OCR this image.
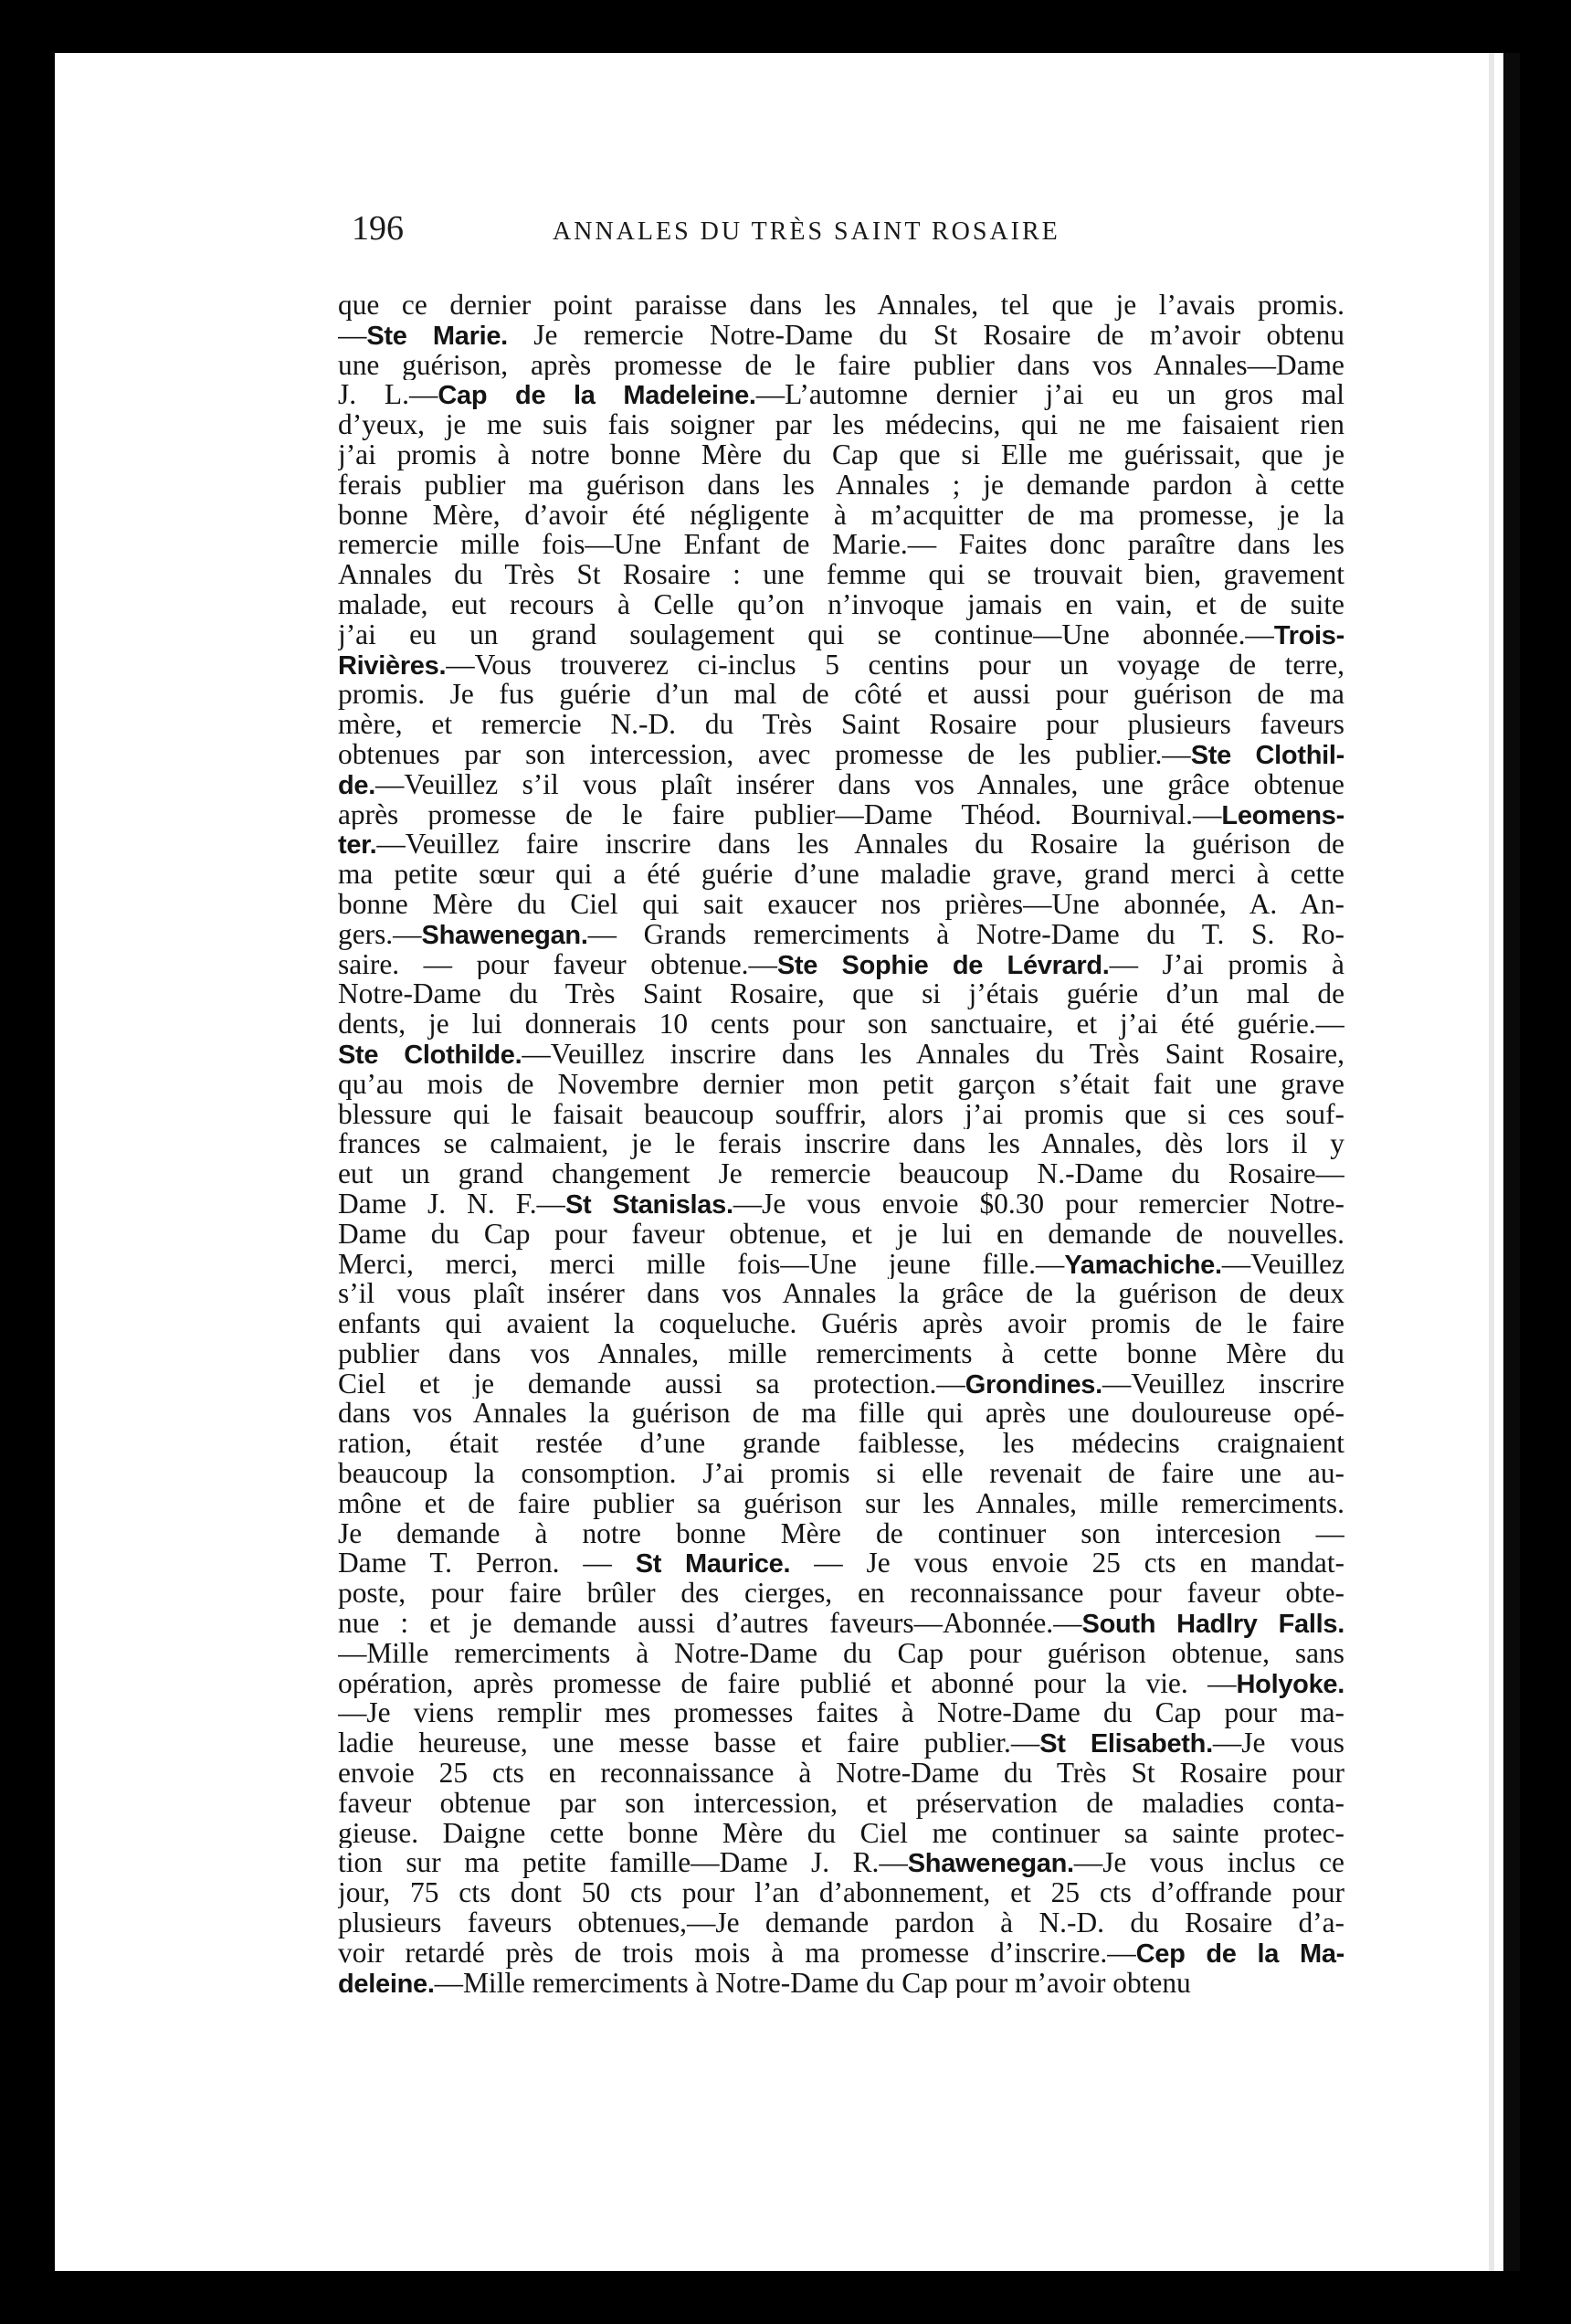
196	ANNALES DU TRÈS SAINT ROSAIRE
que ce dernier point paraisse dans les Annales, tel que je l’avais promis.
—Ste Marie. Je remercie Notre-Dame du St Rosaire de m’avoir obtenu
une guérison, après promesse de le faire publier dans vos Annales—Dame
J. L.—Cap de la Madeleine.—L’automne dernier j’ai eu un gros mal
d’yeux, je me suis fais soigner par les médecins, qui ne me faisaient rien
j’ai promis à notre bonne Mère du Cap que si Elle me guérissait, que je
ferais publier ma guérison dans les Annales ; je demande pardon à cette
bonne Mère, d’avoir été négligente à m’acquitter de ma promesse, je la
remercie mille fois—Une Enfant de Marie.— Faites donc paraître dans les
Annales du Très St Rosaire : une femme qui se trouvait bien, gravement
malade, eut recours à Celle qu’on n’invoque jamais en vain, et de suite
j’ai eu un grand soulagement qui se continue—Une abonnée.—Trois-
Rivières.—Vous trouverez ci-inclus 5 centins pour un voyage de terre,
promis. Je fus guérie d’un mal de côté et aussi pour guérison de ma
mère, et remercie N.-D. du Très Saint Rosaire pour plusieurs faveurs
obtenues par son intercession, avec promesse de les publier.—Ste Clothil-
de.—Veuillez s’il vous plaît insérer dans vos Annales, une grâce obtenue
après promesse de le faire publier—Dame Théod. Bournival.—Leomens-
ter.—Veuillez faire inscrire dans les Annales du Rosaire la guérison de
ma petite sœur qui a été guérie d’une maladie grave, grand merci à cette
bonne Mère du Ciel qui sait exaucer nos prières—Une abonnée, A. An-
gers.—Shawenegan.— Grands remerciments à Notre-Dame du T. S. Ro-
saire. — pour faveur obtenue.—Ste Sophie de Lévrard.— J’ai promis à
Notre-Dame du Très Saint Rosaire, que si j’étais guérie d’un mal de
dents, je lui donnerais 10 cents pour son sanctuaire, et j’ai été guérie.—
Ste Clothilde.—Veuillez inscrire dans les Annales du Très Saint Rosaire,
qu’au mois de Novembre dernier mon petit garçon s’était fait une grave
blessure qui le faisait beaucoup souffrir, alors j’ai promis que si ces souf-
frances se calmaient, je le ferais inscrire dans les Annales, dès lors il y
eut un grand changement Je remercie beaucoup N.-Dame du Rosaire—
Dame J. N. F.—St Stanislas.—Je vous envoie $0.30 pour remercier Notre-
Dame du Cap pour faveur obtenue, et je lui en demande de nouvelles.
Merci, merci, merci mille fois—Une jeune fille.—Yamachiche.—Veuillez
s’il vous plaît insérer dans vos Annales la grâce de la guérison de deux
enfants qui avaient la coqueluche. Guéris après avoir promis de le faire
publier dans vos Annales, mille remerciments à cette bonne Mère du
Ciel et je demande aussi sa protection.—Grondines.—Veuillez inscrire
dans vos Annales la guérison de ma fille qui après une douloureuse opé-
ration, était restée d’une grande faiblesse, les médecins craignaient
beaucoup la consomption. J’ai promis si elle revenait de faire une au-
mône et de faire publier sa guérison sur les Annales, mille remerciments.
Je demande à notre bonne Mère de continuer son intercesion —
Dame T. Perron. — St Maurice. — Je vous envoie 25 cts en mandat-
poste, pour faire brûler des cierges, en reconnaissance pour faveur obte-
nue : et je demande aussi d’autres faveurs—Abonnée.—South Hadlry Falls.
—Mille remerciments à Notre-Dame du Cap pour guérison obtenue, sans
opération, après promesse de faire publié et abonné pour la vie. —Holyoke.
—Je viens remplir mes promesses faites à Notre-Dame du Cap pour ma-
ladie heureuse, une messe basse et faire publier.—St Elisabeth.—Je vous
envoie 25 cts en reconnaissance à Notre-Dame du Très St Rosaire pour
faveur obtenue par son intercession, et préservation de maladies conta-
gieuse. Daigne cette bonne Mère du Ciel me continuer sa sainte protec-
tion sur ma petite famille—Dame J. R.—Shawenegan.—Je vous inclus ce
jour, 75 cts dont 50 cts pour l’an d’abonnement, et 25 cts d’offrande pour
plusieurs faveurs obtenues,—Je demande pardon à N.-D. du Rosaire d’a-
voir retardé près de trois mois à ma promesse d’inscrire.—Cep de la Ma-
deleine.—Mille remerciments à Notre-Dame du Cap pour m’avoir obtenu
